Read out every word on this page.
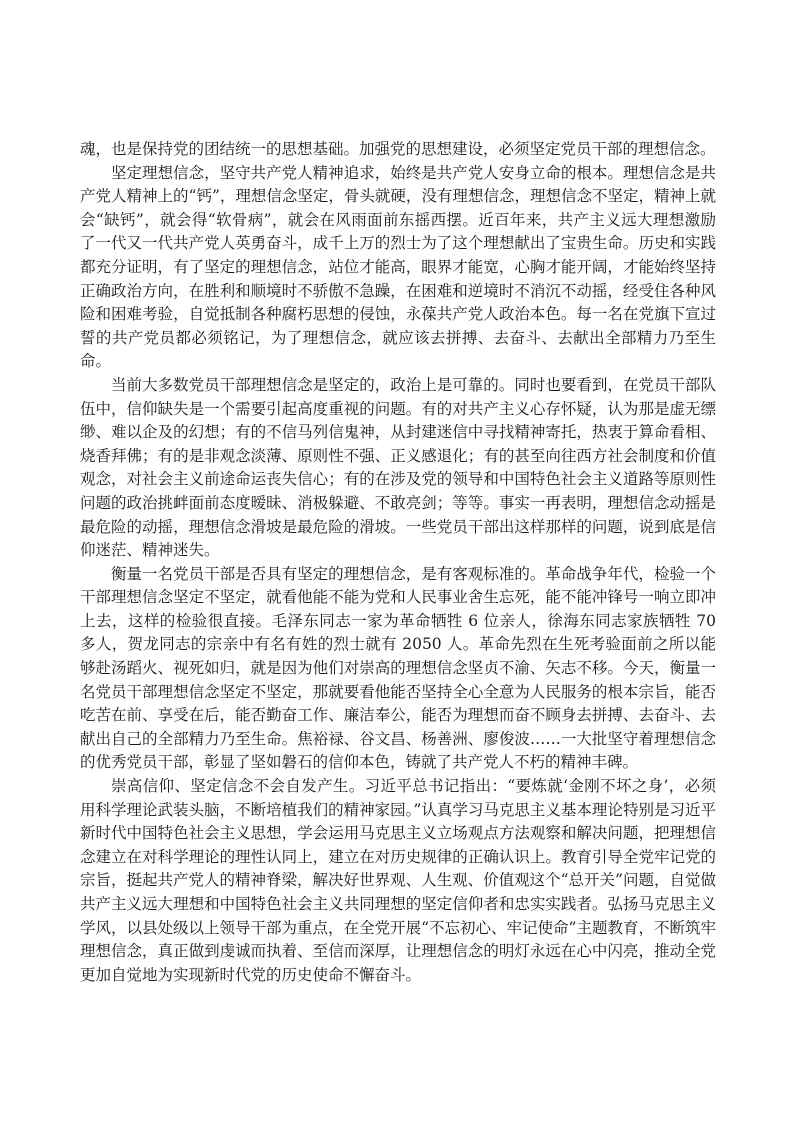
魂，也是保持党的团结统一的思想基础。加强党的思想建设，必须坚定党员干部的理想信念。

坚定理想信念，坚守共产党人精神追求，始终是共产党人安身立命的根本。理想信念是共产党人精神上的“钙”，理想信念坚定，骨头就硬，没有理想信念，理想信念不坚定，精神上就会“缺钙”，就会得“软骨病”，就会在风雨面前东摇西摆。近百年来，共产主义远大理想激励了一代又一代共产党人英勇奋斗，成千上万的烈士为了这个理想献出了宝贵生命。历史和实践都充分证明，有了坚定的理想信念，站位才能高，眼界才能宽，心胸才能开阔，才能始终坚持正确政治方向，在胜利和顺境时不骄傲不急躁，在困难和逆境时不消沉不动摇，经受住各种风险和困难考验，自觉抵制各种腐朽思想的侵蚀，永葆共产党人政治本色。每一名在党旗下宣过誓的共产党员都必须铭记，为了理想信念，就应该去拼搏、去奋斗、去献出全部精力乃至生命。

当前大多数党员干部理想信念是坚定的，政治上是可靠的。同时也要看到，在党员干部队伍中，信仰缺失是一个需要引起高度重视的问题。有的对共产主义心存怀疑，认为那是虚无缥缈、难以企及的幻想；有的不信马列信鬼神，从封建迷信中寻找精神寄托，热衷于算命看相、烧香拜佛；有的是非观念淡薄、原则性不强、正义感退化；有的甚至向往西方社会制度和价值观念，对社会主义前途命运丧失信心；有的在涉及党的领导和中国特色社会主义道路等原则性问题的政治挑衅面前态度暧昧、消极躲避、不敢亮剑；等等。事实一再表明，理想信念动摇是最危险的动摇，理想信念滑坡是最危险的滑坡。一些党员干部出这样那样的问题，说到底是信仰迷茫、精神迷失。

衡量一名党员干部是否具有坚定的理想信念，是有客观标准的。革命战争年代，检验一个干部理想信念坚定不坚定，就看他能不能为党和人民事业舍生忘死，能不能冲锋号一响立即冲上去，这样的检验很直接。毛泽东同志一家为革命牺牲 6 位亲人，徐海东同志家族牺牲 70 多人，贺龙同志的宗亲中有名有姓的烈士就有 2050 人。革命先烈在生死考验面前之所以能够赴汤蹈火、视死如归，就是因为他们对崇高的理想信念坚贞不渝、矢志不移。今天，衡量一名党员干部理想信念坚定不坚定，那就要看他能否坚持全心全意为人民服务的根本宗旨，能否吃苦在前、享受在后，能否勤奋工作、廉洁奉公，能否为理想而奋不顾身去拼搏、去奋斗、去献出自己的全部精力乃至生命。焦裕禄、谷文昌、杨善洲、廖俊波……一大批坚守着理想信念的优秀党员干部，彰显了坚如磐石的信仰本色，铸就了共产党人不朽的精神丰碑。

崇高信仰、坚定信念不会自发产生。习近平总书记指出：“要炼就‘金刚不坏之身’，必须用科学理论武装头脑，不断培植我们的精神家园。”认真学习马克思主义基本理论特别是习近平新时代中国特色社会主义思想，学会运用马克思主义立场观点方法观察和解决问题，把理想信念建立在对科学理论的理性认同上，建立在对历史规律的正确认识上。教育引导全党牢记党的宗旨，挺起共产党人的精神脊梁，解决好世界观、人生观、价值观这个“总开关”问题，自觉做共产主义远大理想和中国特色社会主义共同理想的坚定信仰者和忠实实践者。弘扬马克思主义学风，以县处级以上领导干部为重点，在全党开展“不忘初心、牢记使命”主题教育，不断筑牢理想信念，真正做到虔诚而执着、至信而深厚，让理想信念的明灯永远在心中闪亮，推动全党更加自觉地为实现新时代党的历史使命不懈奋斗。
